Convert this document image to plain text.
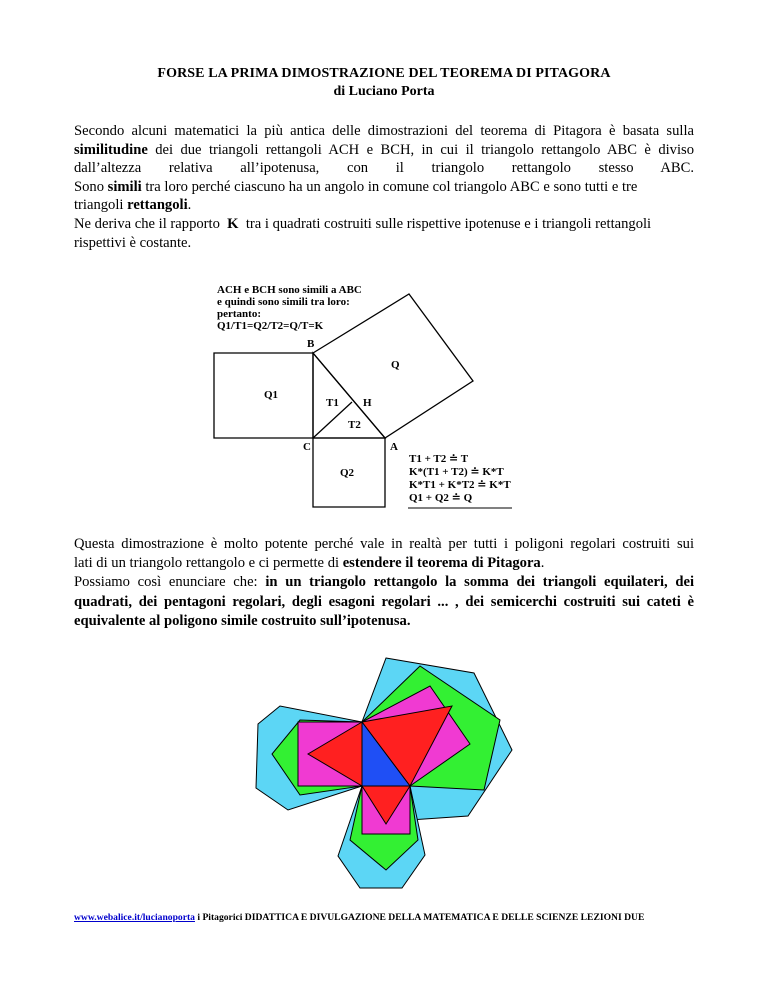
FORSE LA PRIMA DIMOSTRAZIONE DEL TEOREMA DI PITAGORA
di Luciano Porta
Secondo alcuni matematici la più antica delle dimostrazioni del teorema di Pitagora è basata sulla
similitudine dei due triangoli rettangoli ACH e BCH, in cui il triangolo rettangolo ABC è diviso
dall’altezza relativa all’ipotenusa, con il triangolo rettangolo stesso ABC.
Sono simili tra loro perché ciascuno ha un angolo in comune col triangolo ABC e sono tutti e tre
triangoli rettangoli.
Ne deriva che il rapporto  K  tra i quadrati costruiti sulle rispettive ipotenuse e i triangoli rettangoli
rispettivi è costante.
ACH e BCH sono simili a ABC
e quindi sono simili tra loro:
pertanto:
Q1/T1=Q2/T2=Q/T=K
B
Q
Q1
T1 H
T2
C	A
Q2
T1 + T2 ≐ T
K*(T1 + T2) ≐ K*T
K*T1 + K*T2 ≐ K*T
Q1 + Q2 ≐ Q
Questa dimostrazione è molto potente perché vale in realtà per tutti i poligoni regolari costruiti sui
lati di un triangolo rettangolo e ci permette di estendere il teorema di Pitagora.
Possiamo così enunciare che: in un triangolo rettangolo la somma dei triangoli equilateri, dei
quadrati, dei pentagoni regolari, degli esagoni regolari ... , dei semicerchi costruiti sui cateti è
equivalente al poligono simile costruito sull’ipotenusa.
www.webalice.it/lucianoporta i Pitagorici DIDATTICA E DIVULGAZIONE DELLA MATEMATICA E DELLE SCIENZE LEZIONI DUE
